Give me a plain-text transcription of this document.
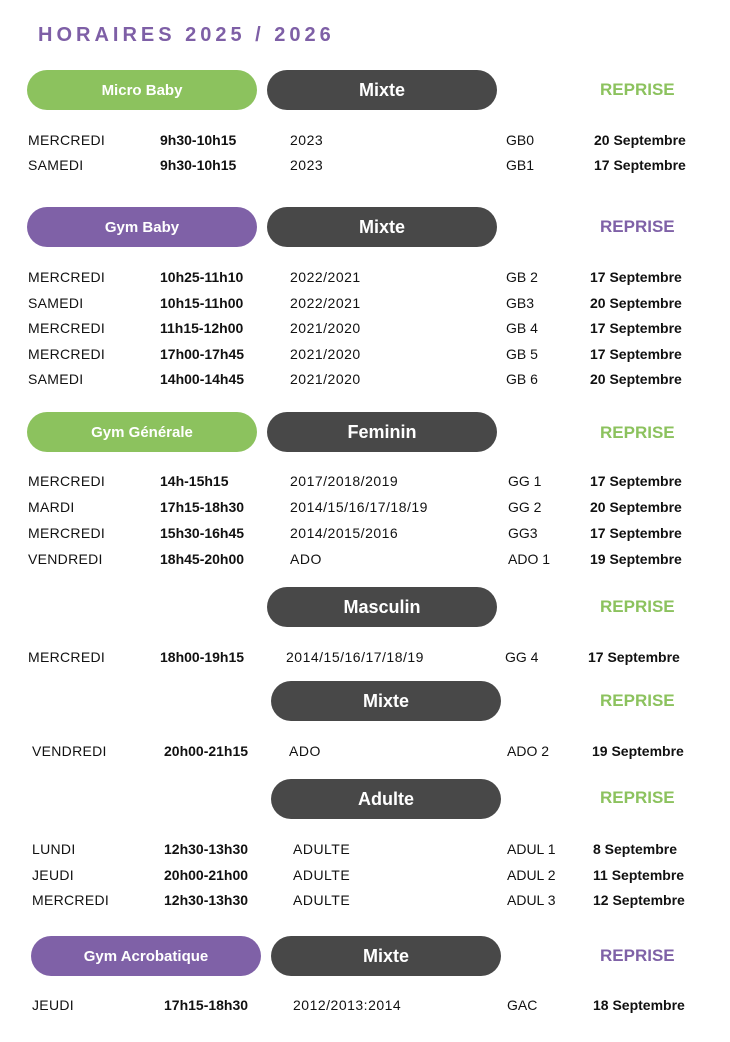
HORAIRES 2025 / 2026
Micro Baby	Mixte	REPRISE
Gym Baby	Mixte	REPRISE
Gym Générale	Feminin	REPRISE
Masculin	REPRISE
Mixte	REPRISE
Adulte	REPRISE
Gym Acrobatique	Mixte	REPRISE
MERCREDI	9h30-10h15	2023	GB0	20 Septembre
SAMEDI	9h30-10h15	2023	GB1	17 Septembre
MERCREDI	10h25-11h10	2022/2021	GB 2	17 Septembre
SAMEDI	10h15-11h00	2022/2021	GB3	20 Septembre
MERCREDI	11h15-12h00	2021/2020	GB 4	17 Septembre
MERCREDI	17h00-17h45	2021/2020	GB 5	17 Septembre
SAMEDI	14h00-14h45	2021/2020	GB 6	20 Septembre
MERCREDI	14h-15h15	2017/2018/2019	GG 1	17 Septembre
MARDI	17h15-18h30	2014/15/16/17/18/19	GG 2	20 Septembre
MERCREDI	15h30-16h45	2014/2015/2016	GG3	17 Septembre
VENDREDI	18h45-20h00	ADO	ADO 1	19 Septembre
MERCREDI	18h00-19h15	2014/15/16/17/18/19	GG 4	17 Septembre
VENDREDI	20h00-21h15	ADO	ADO 2	19 Septembre
LUNDI	12h30-13h30	ADULTE	ADUL 1	8 Septembre
JEUDI	20h00-21h00	ADULTE	ADUL 2	11 Septembre
MERCREDI	12h30-13h30	ADULTE	ADUL 3	12 Septembre
JEUDI	17h15-18h30	2012/2013:2014	GAC	18 Septembre
